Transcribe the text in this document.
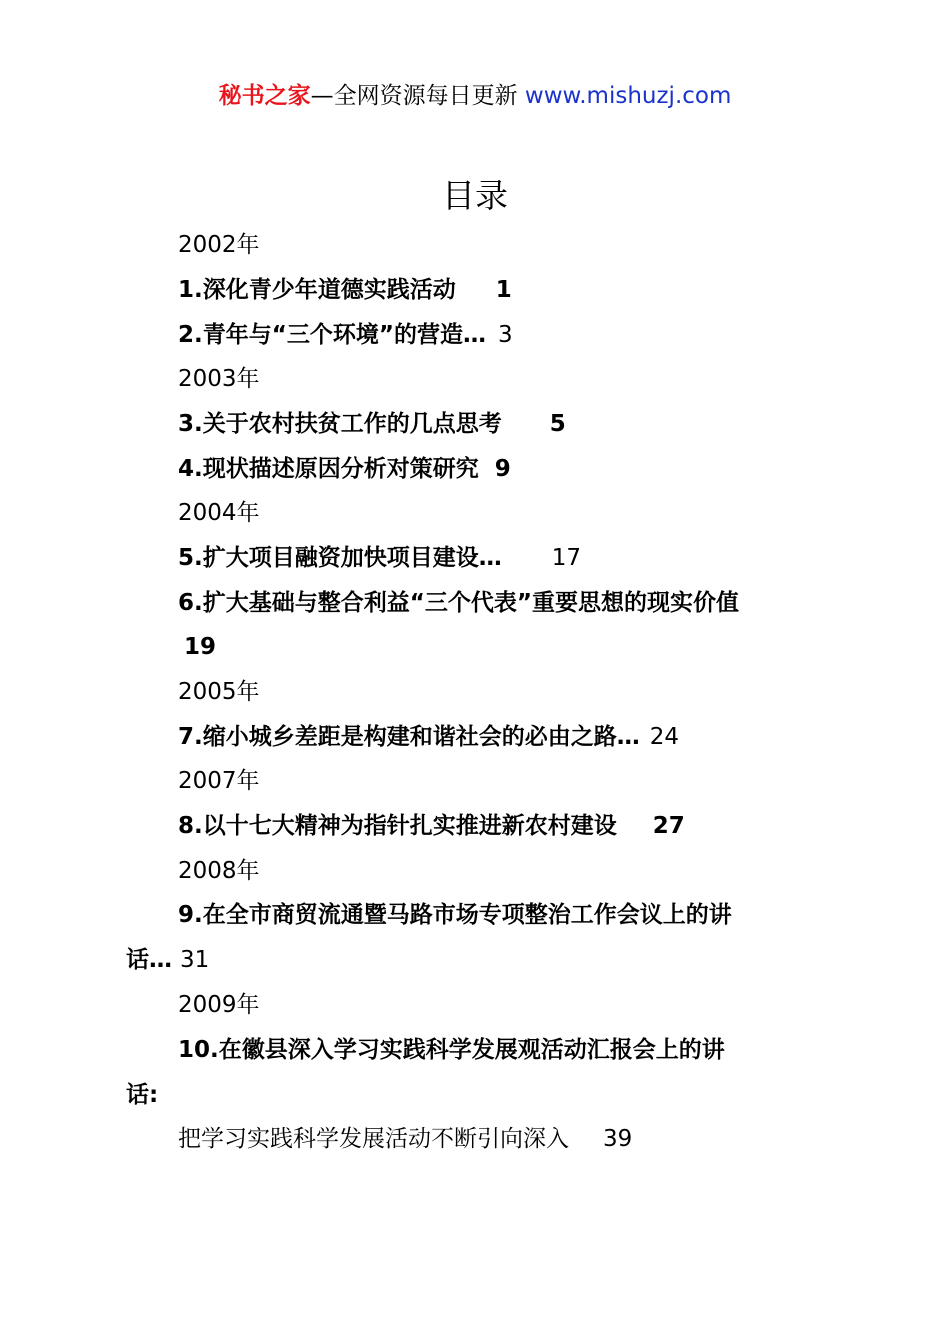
秘书之家—全网资源每日更新 www.mishuzj.com
目录
2002年
1.深化青少年道德实践活动 1
2.青年与“三个环境”的营造… 3
2003年
3.关于农村扶贫工作的几点思考 5
4.现状描述原因分析对策研究 9
2004年
5.扩大项目融资加快项目建设… 17
6.扩大基础与整合利益“三个代表”重要思想的现实价值
19
2005年
7.缩小城乡差距是构建和谐社会的必由之路… 24
2007年
8.以十七大精神为指针扎实推进新农村建设 27
2008年
9.在全市商贸流通暨马路市场专项整治工作会议上的讲
话… 31
2009年
10.在徽县深入学习实践科学发展观活动汇报会上的讲
话:
把学习实践科学发展活动不断引向深入 39
